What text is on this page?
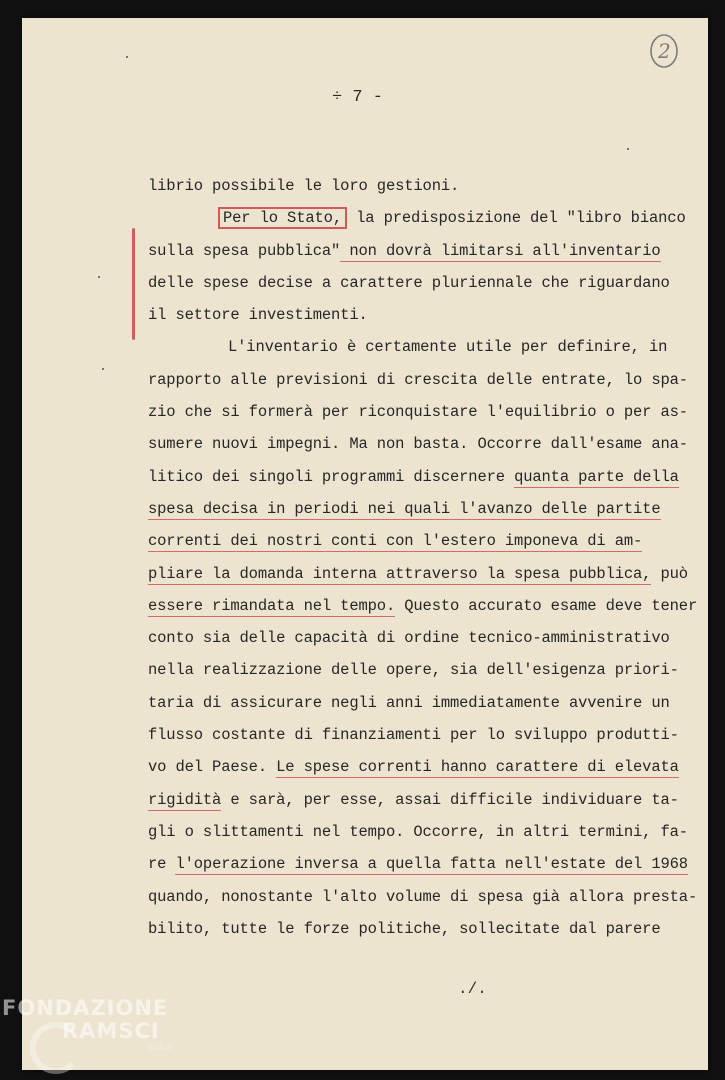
2
÷ 7 -
librio possibile le loro gestioni.
Per lo Stato, la predisposizione del "libro bianco
sulla spesa pubblica" non dovrà limitarsi all'inventario
delle spese decise a carattere pluriennale che riguardano
il settore investimenti.
L'inventario è certamente utile per definire, in
rapporto alle previsioni di crescita delle entrate, lo spa-
zio che si formerà per riconquistare l'equilibrio o per as-
sumere nuovi impegni. Ma non basta. Occorre dall'esame ana-
litico dei singoli programmi discernere quanta parte della
spesa decisa in periodi nei quali l'avanzo delle partite
correnti dei nostri conti con l'estero imponeva di am-
pliare la domanda interna attraverso la spesa pubblica, può
essere rimandata nel tempo. Questo accurato esame deve tener
conto sia delle capacità di ordine tecnico-amministrativo
nella realizzazione delle opere, sia dell'esigenza priori-
taria di assicurare negli anni immediatamente avvenire un
flusso costante di finanziamenti per lo sviluppo produtti-
vo del Paese. Le spese correnti hanno carattere di elevata
rigidità e sarà, per esse, assai difficile individuare ta-
gli o slittamenti nel tempo. Occorre, in altri termini, fa-
re l'operazione inversa a quella fatta nell'estate del 1968
quando, nonostante l'alto volume di spesa già allora presta-
bilito, tutte le forze politiche, sollecitate dal parere
./.
FONDAZIONE
RAMSCI
onlus
